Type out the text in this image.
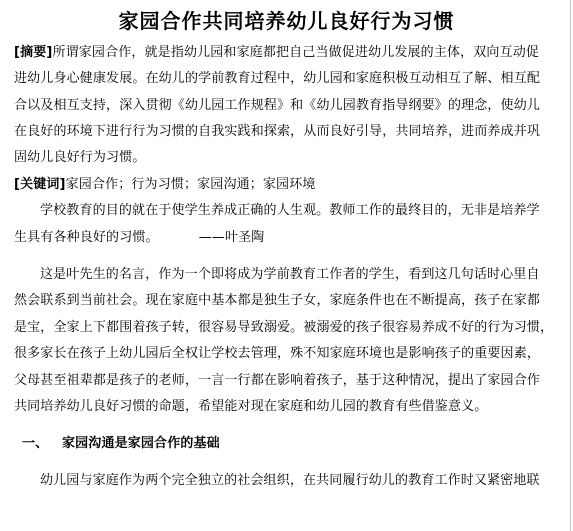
家园合作共同培养幼儿良好行为习惯
[摘要]所谓家园合作，就是指幼儿园和家庭都把自己当做促进幼儿发展的主体，双向互动促
进幼儿身心健康发展。在幼儿的学前教育过程中，幼儿园和家庭积极互动相互了解、相互配
合以及相互支持，深入贯彻《幼儿园工作规程》和《幼儿园教育指导纲要》的理念，使幼儿
在良好的环境下进行行为习惯的自我实践和探索，从而良好引导，共同培养，进而养成并巩
固幼儿良好行为习惯。
[关键词]家园合作；行为习惯；家园沟通；家园环境
学校教育的目的就在于使学生养成正确的人生观。教师工作的最终目的，无非是培养学
生具有各种良好的习惯。	——叶圣陶
这是叶先生的名言，作为一个即将成为学前教育工作者的学生，看到这几句话时心里自
然会联系到当前社会。现在家庭中基本都是独生子女，家庭条件也在不断提高，孩子在家都
是宝，全家上下都围着孩子转，很容易导致溺爱。被溺爱的孩子很容易养成不好的行为习惯，
很多家长在孩子上幼儿园后全权让学校去管理，殊不知家庭环境也是影响孩子的重要因素，
父母甚至祖辈都是孩子的老师，一言一行都在影响着孩子，基于这种情况，提出了家园合作
共同培养幼儿良好习惯的命题，希望能对现在家庭和幼儿园的教育有些借鉴意义。
一、 家园沟通是家园合作的基础
幼儿园与家庭作为两个完全独立的社会组织，在共同履行幼儿的教育工作时又紧密地联
